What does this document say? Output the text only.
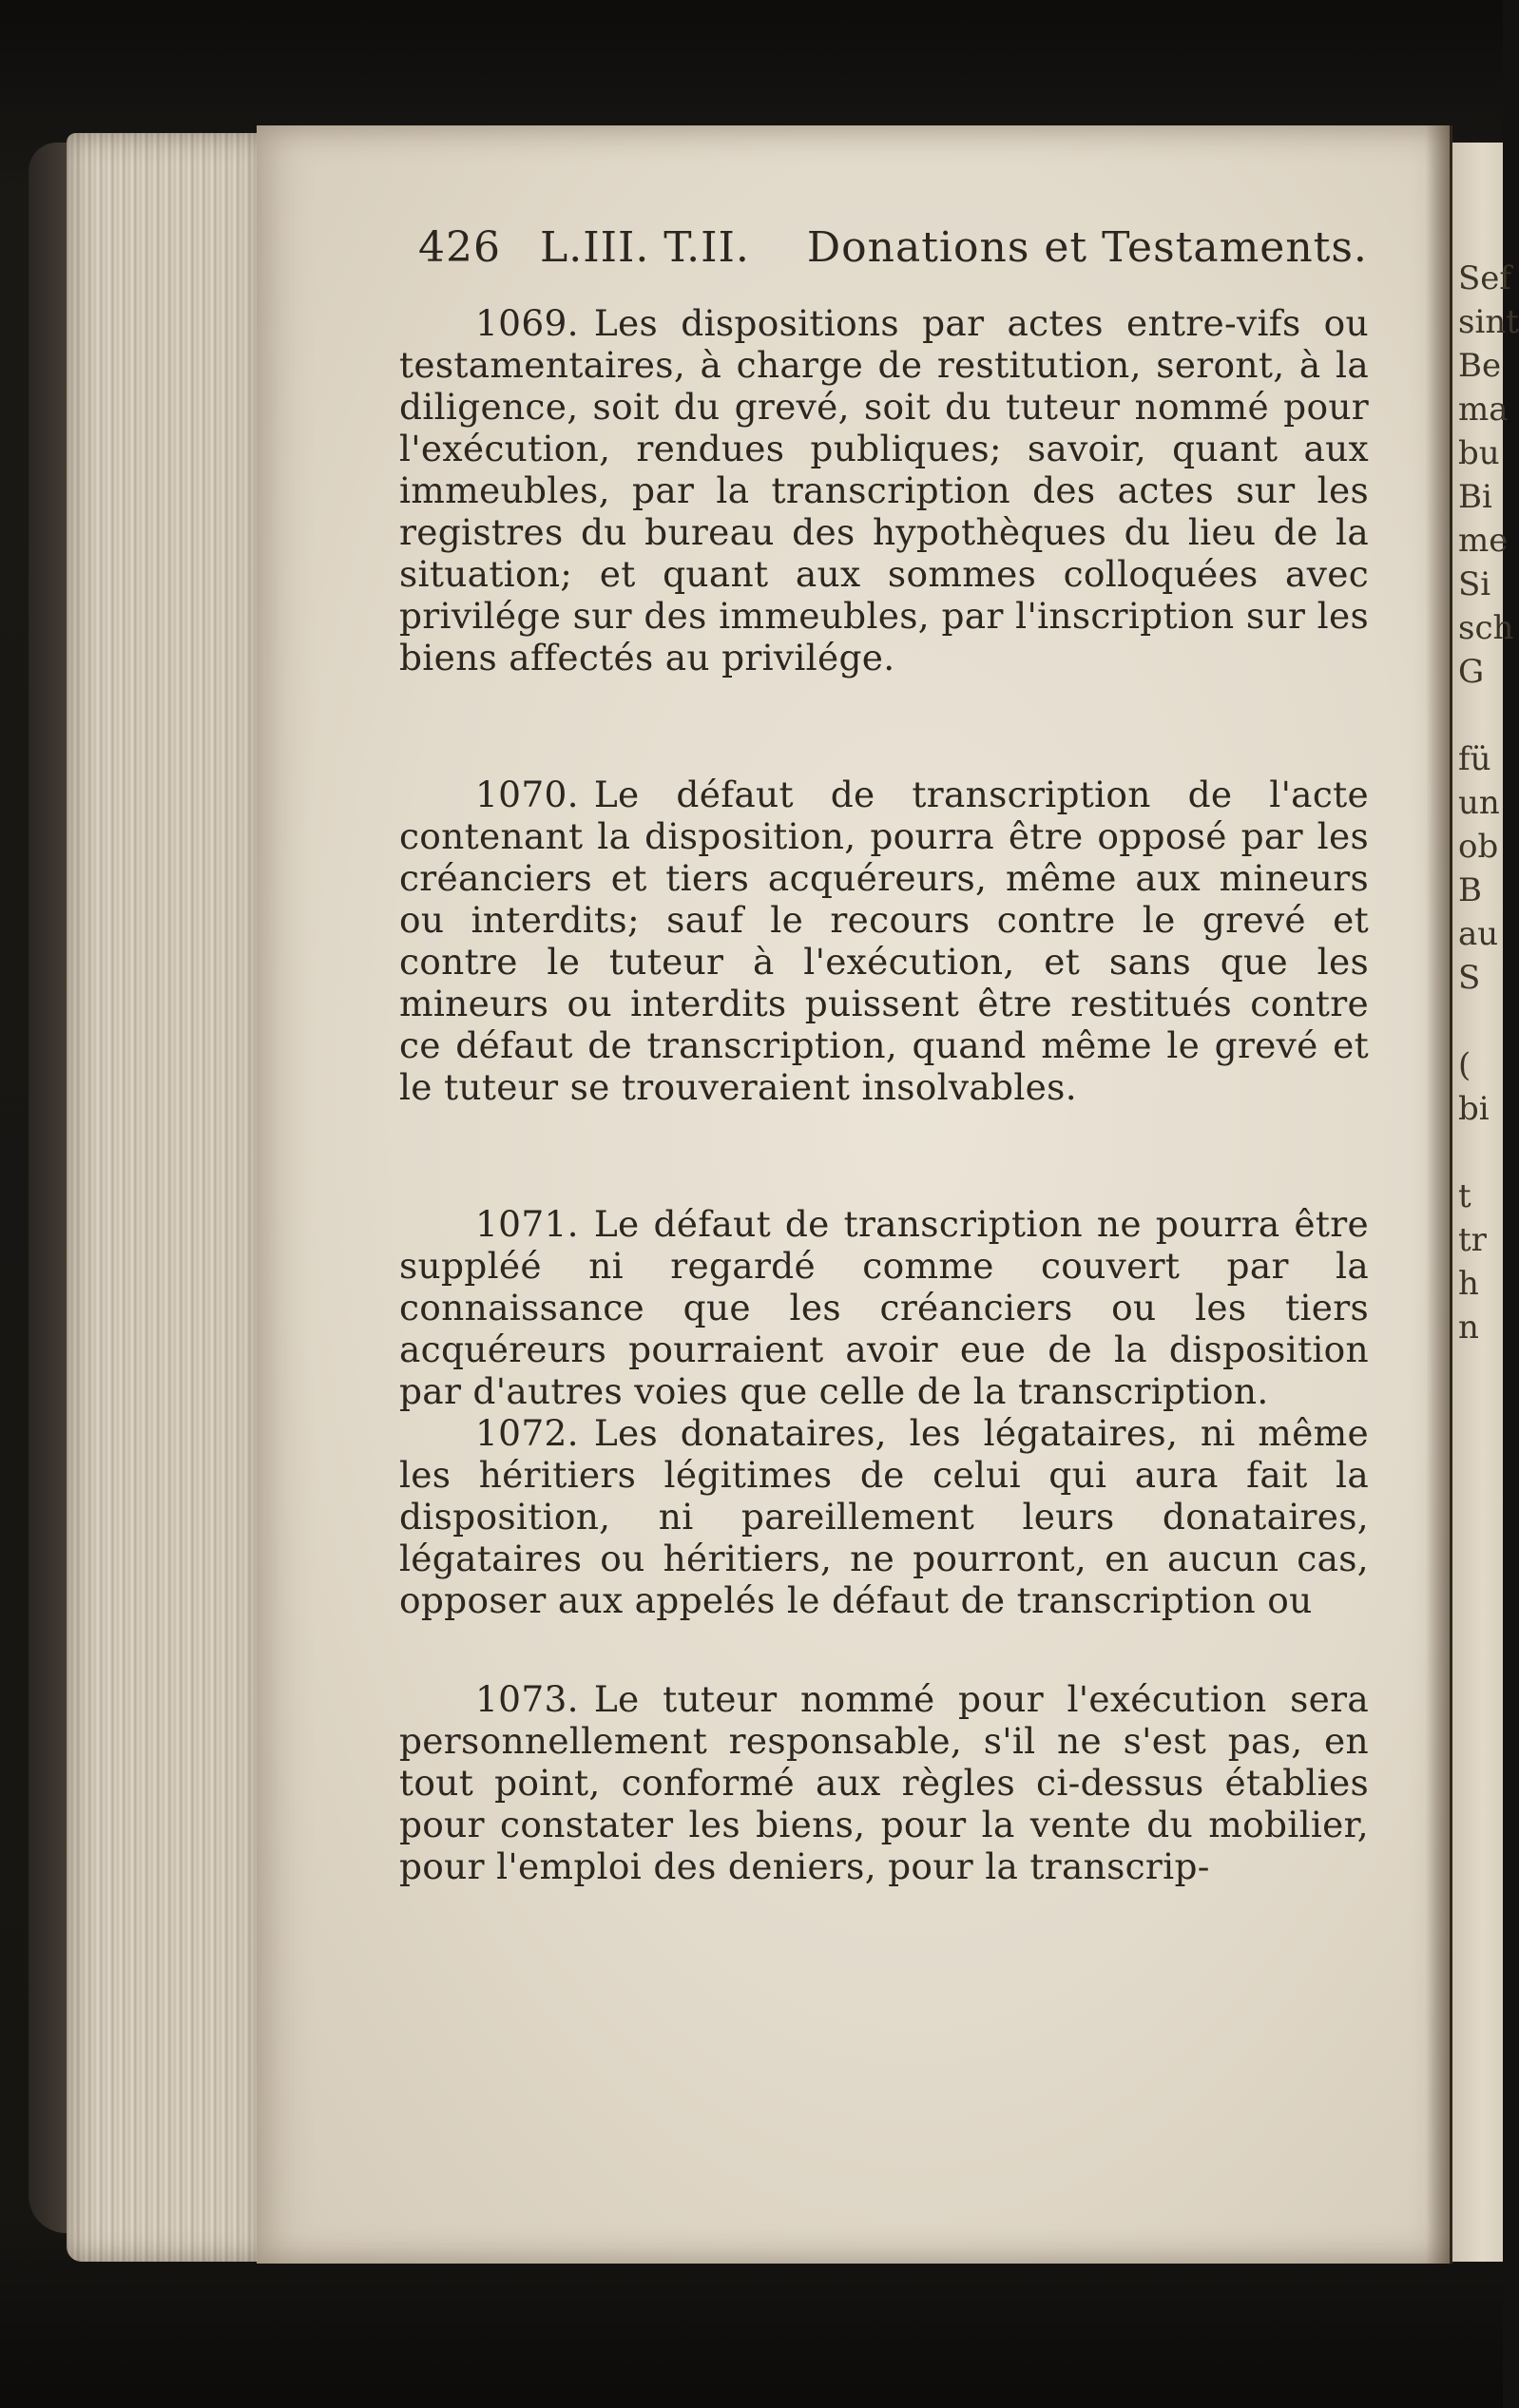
Sef
sint
Be
ma
bu
Bi
me
Si
sch
G

fü
un
ob
B
au
S

(
bi

t
tr
h
n
426 L.III. T.II. Donations et Testaments.

1069. Les dispositions par actes entre-vifs ou testamentaires, à charge de restitution, seront, à la diligence, soit du grevé, soit du tuteur nommé pour l'exécution, rendues publiques; savoir, quant aux immeubles, par la transcription des actes sur les registres du bureau des hypothèques du lieu de la situation; et quant aux sommes colloquées avec privilége sur des immeubles, par l'inscription sur les biens affectés au privilége.

1070. Le défaut de transcription de l'acte contenant la disposition, pourra être opposé par les créanciers et tiers acquéreurs, même aux mineurs ou interdits; sauf le recours contre le grevé et contre le tuteur à l'exécution, et sans que les mineurs ou interdits puissent être restitués contre ce défaut de transcription, quand même le grevé et le tuteur se trouveraient insolvables.

1071. Le défaut de transcription ne pourra être suppléé ni regardé comme couvert par la connaissance que les créanciers ou les tiers acquéreurs pourraient avoir eue de la disposition par d'autres voies que celle de la transcription.

1072. Les donataires, les légataires, ni même les héritiers légitimes de celui qui aura fait la disposition, ni pareillement leurs donataires, légataires ou héritiers, ne pourront, en aucun cas, opposer aux appelés le défaut de transcription ou

1073. Le tuteur nommé pour l'exécution sera personnellement responsable, s'il ne s'est pas, en tout point, conformé aux règles ci-dessus établies pour constater les biens, pour la vente du mobilier, pour l'emploi des deniers, pour la transcrip-
